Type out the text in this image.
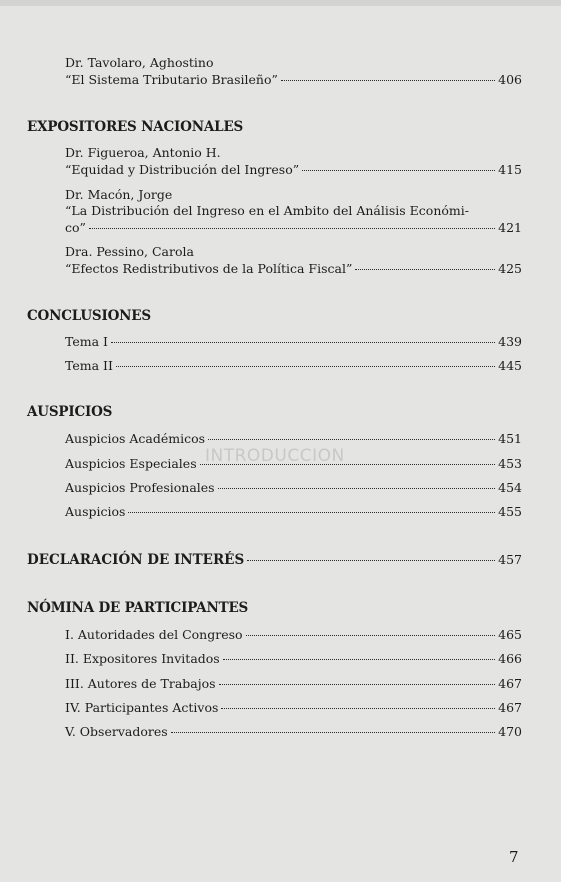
Dr. Tavolaro, Aghostino
“El Sistema Tributario Brasileño”	406
EXPOSITORES NACIONALES
Dr. Figueroa, Antonio H.
“Equidad y Distribución del Ingreso”	415
Dr. Macón, Jorge
“La Distribución del Ingreso en el Ambito del Análisis Económi-
co”	421
Dra. Pessino, Carola
“Efectos Redistributivos de la Política Fiscal”	425
CONCLUSIONES
Tema I	439
Tema II	445
AUSPICIOS
INTRODUCCION
Auspicios Académicos	451
Auspicios Especiales	453
Auspicios Profesionales	454
Auspicios	455
DECLARACIÓN DE INTERÉS	457
NÓMINA DE PARTICIPANTES
I. Autoridades del Congreso	465
II. Expositores Invitados	466
III. Autores de Trabajos	467
IV. Participantes Activos	467
V. Observadores	470
7
